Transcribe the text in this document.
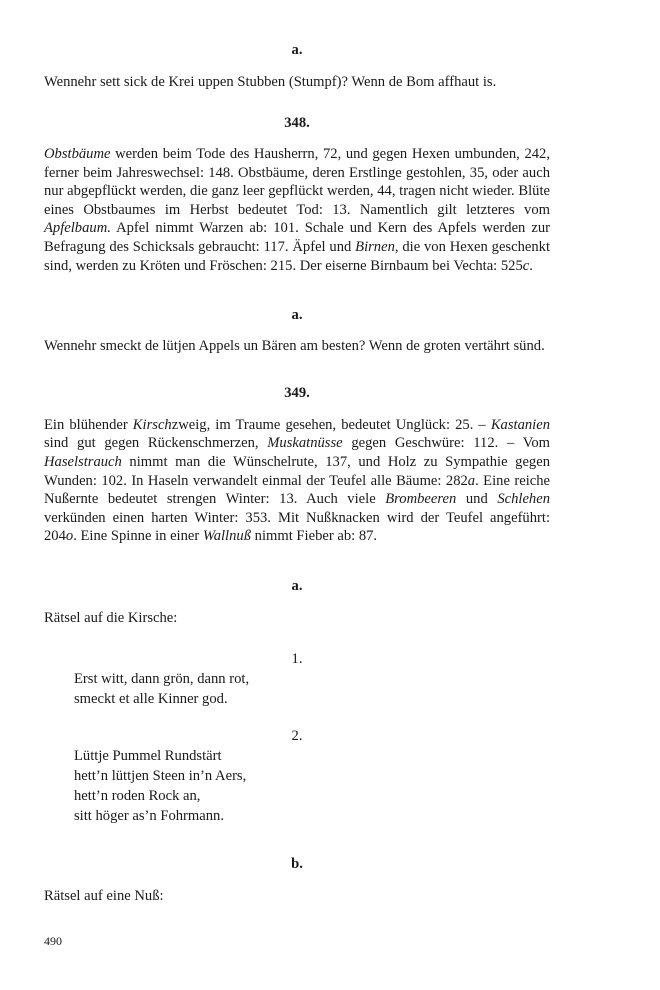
a.

Wennehr sett sick de Krei uppen Stubben (Stumpf)? Wenn de Bom affhaut is.

348.

Obstbäume werden beim Tode des Hausherrn, 72, und gegen Hexen umbunden, 242, ferner beim Jahreswechsel: 148. Obstbäume, deren Erstlinge gestohlen, 35, oder auch nur abgepflückt werden, die ganz leer gepflückt werden, 44, tragen nicht wieder. Blüte eines Obstbaumes im Herbst bedeutet Tod: 13. Namentlich gilt letzteres vom Apfelbaum. Apfel nimmt Warzen ab: 101. Schale und Kern des Apfels werden zur Befragung des Schicksals gebraucht: 117. Äpfel und Birnen, die von Hexen geschenkt sind, werden zu Kröten und Fröschen: 215. Der eiserne Birnbaum bei Vechta: 525c.

a.

Wennehr smeckt de lütjen Appels un Bären am besten? Wenn de groten vertährt sünd.

349.

Ein blühender Kirschzweig, im Traume gesehen, bedeutet Unglück: 25. – Kastanien sind gut gegen Rückenschmerzen, Muskatnüsse gegen Geschwüre: 112. – Vom Haselstrauch nimmt man die Wünschelrute, 137, und Holz zu Sympathie gegen Wunden: 102. In Haseln verwandelt einmal der Teufel alle Bäume: 282a. Eine reiche Nußernte bedeutet strengen Winter: 13. Auch viele Brombeeren und Schlehen verkünden einen harten Winter: 353. Mit Nußknacken wird der Teufel angeführt: 204o. Eine Spinne in einer Wallnuß nimmt Fieber ab: 87.

a.

Rätsel auf die Kirsche:

1.
Erst witt, dann grön, dann rot,
smeckt et alle Kinner god.
2.
Lüttje Pummel Rundstärt
hett’n lüttjen Steen in’n Aers,
hett’n roden Rock an,
sitt höger as’n Fohrmann.
b.

Rätsel auf eine Nuß:

490
